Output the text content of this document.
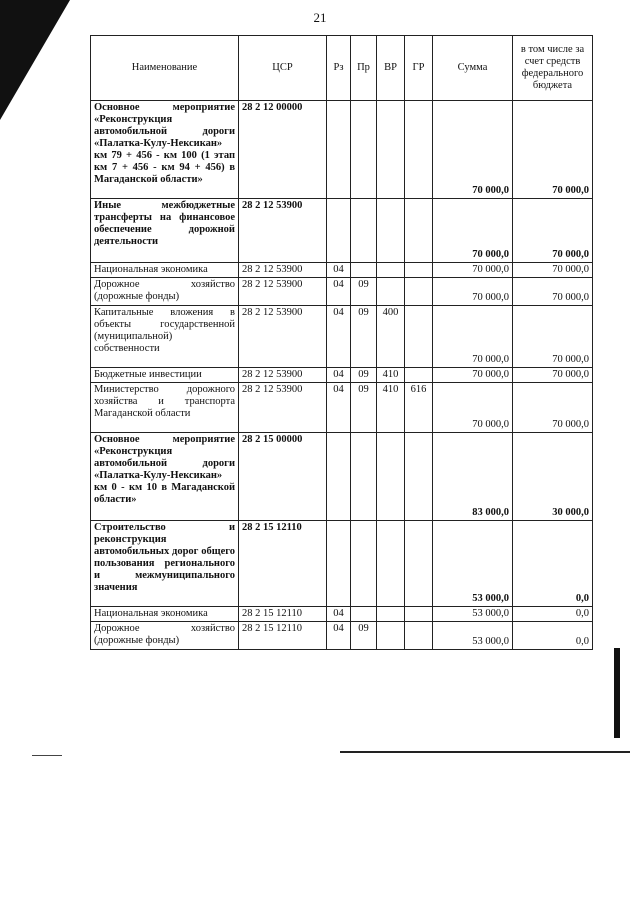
21
Наименование	ЦСР	Рз	Пр	ВР	ГР	Сумма	в том числе за счет средств федерального бюджета
Основное мероприятие «Реконструкция автомобильной дороги «Палатка-Кулу-Нексикан» км 79 + 456 - км 100 (1 этап км 7 + 456 - км 94 + 456) в Магаданской области»	28 2 12 00000					70 000,0	70 000,0
Иные межбюджетные трансферты на финансовое обеспечение дорожной деятельности	28 2 12 53900					70 000,0	70 000,0
Национальная экономика	28 2 12 53900	04				70 000,0	70 000,0
Дорожное хозяйство (дорожные фонды)	28 2 12 53900	04	09			70 000,0	70 000,0
Капитальные вложения в объекты государственной (муниципальной) собственности	28 2 12 53900	04	09	400		70 000,0	70 000,0
Бюджетные инвестиции	28 2 12 53900	04	09	410		70 000,0	70 000,0
Министерство дорожного хозяйства и транспорта Магаданской области	28 2 12 53900	04	09	410	616	70 000,0	70 000,0
Основное мероприятие «Реконструкция автомобильной дороги «Палатка-Кулу-Нексикан» км 0 - км 10 в Магаданской области»	28 2 15 00000					83 000,0	30 000,0
Строительство и реконструкция автомобильных дорог общего пользования регионального и межмуниципального значения	28 2 15 12110					53 000,0	0,0
Национальная экономика	28 2 15 12110	04				53 000,0	0,0
Дорожное хозяйство (дорожные фонды)	28 2 15 12110	04	09			53 000,0	0,0
